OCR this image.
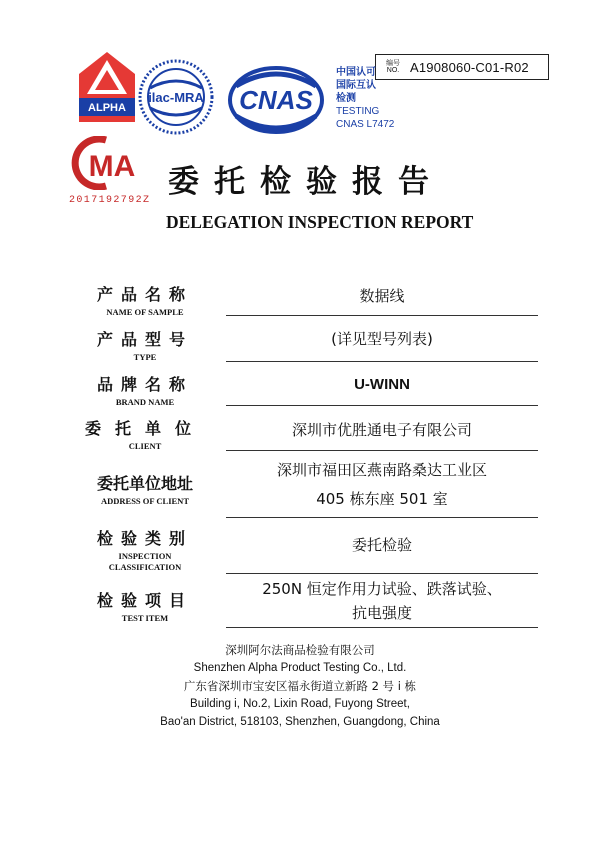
编号
NO. A1908060-C01-R02
ALPHA
ilac-MRA CNAS
中国认可
国际互认
检测
TESTING
CNAS L7472
MA
2017192792Z
委托检验报告
DELEGATION INSPECTION REPORT
产品名称
NAME OF SAMPLE
数据线
产品型号
TYPE
(详见型号列表)
品牌名称
BRAND NAME
U-WINN
委托单位
CLIENT
深圳市优胜通电子有限公司
委托单位地址
ADDRESS OF CLIENT
深圳市福田区燕南路桑达工业区
405 栋东座 501 室
检验类别
INSPECTION
CLASSIFICATION
委托检验
检验项目
TEST ITEM
250N 恒定作用力试验、跌落试验、
抗电强度
深圳阿尔法商品检验有限公司
Shenzhen Alpha Product Testing Co., Ltd.
广东省深圳市宝安区福永街道立新路 2 号 i 栋
Building i, No.2, Lixin Road, Fuyong Street,
Bao'an District, 518103, Shenzhen, Guangdong, China
